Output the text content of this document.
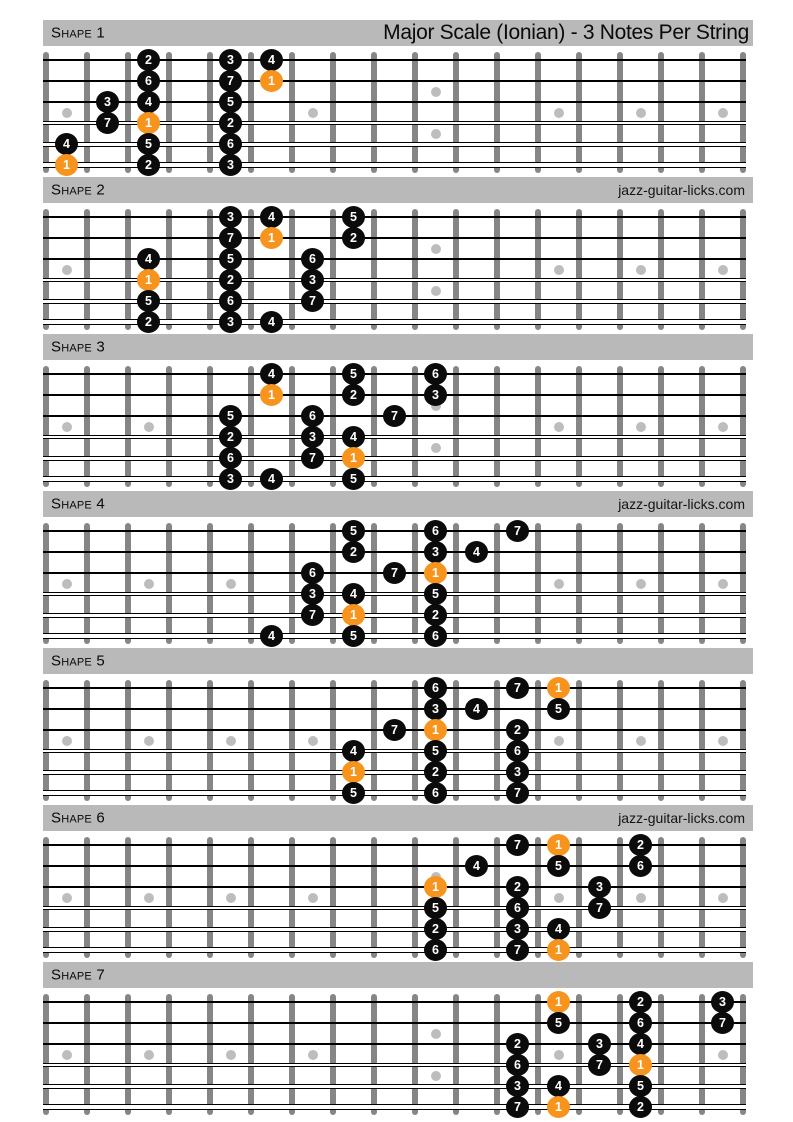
Shape 1	Major Scale (Ionian) - 3 Notes Per String
2	3	4
6	7	1
3	4	5
7	1	2
4	5	6
1	2	3
Shape 2	jazz-guitar-licks.com
3	4	5
7	1	2
4	5	6
1	2	3
5	6	7
2	3	4
Shape 3
4	5	6
1	2	3
5	6	7
2	3	4
6	7	1
3	4	5
Shape 4	jazz-guitar-licks.com
5	6	7
2	3	4
6	7	1
3	4	5
7	1	2
4	5	6
Shape 5
6	7	1
3	4	5
7	1	2
4	5	6
1	2	3
5	6	7
Shape 6	jazz-guitar-licks.com
7	1	2
4	5	6
1	2	3
5	6	7
2	3	4
6	7	1
Shape 7
1	2	3
5	6	7
2	3	4
6	7	1
3	4	5
7	1	2
